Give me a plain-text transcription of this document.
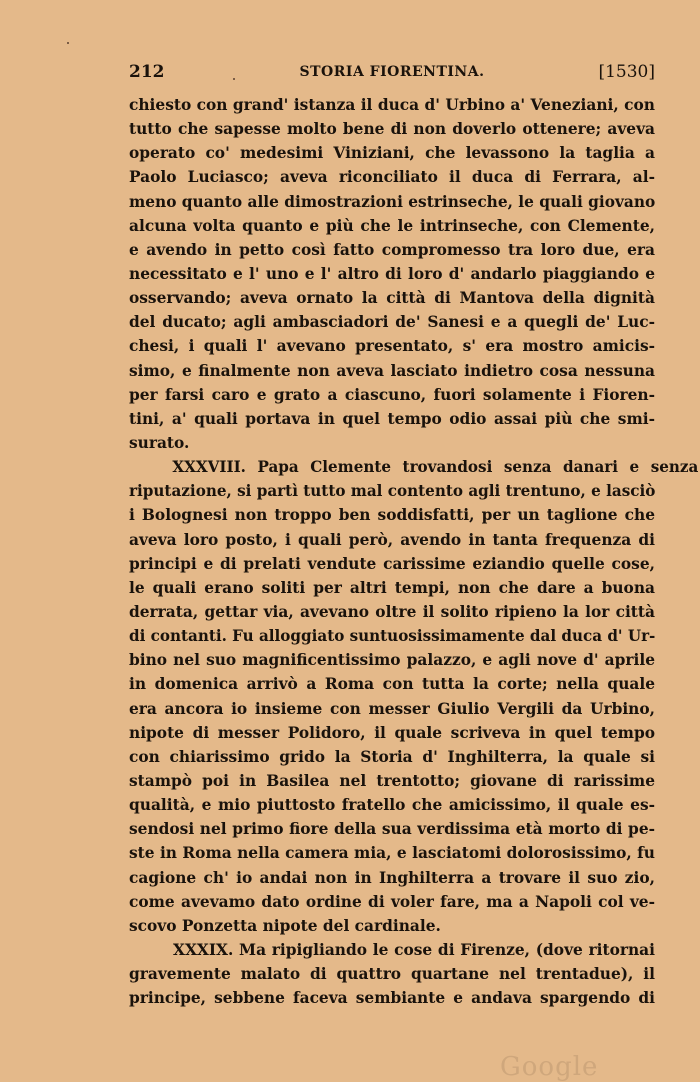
212	STORIA FIORENTINA.	[1530]
chiesto con grand' istanza il duca d' Urbino a' Veneziani, con
tutto che sapesse molto bene di non doverlo ottenere; aveva
operato co' medesimi Viniziani, che levassono la taglia a
Paolo Luciasco; aveva riconciliato il duca di Ferrara, al-
meno quanto alle dimostrazioni estrinseche, le quali giovano
alcuna volta quanto e più che le intrinseche, con Clemente,
e avendo in petto così fatto compromesso tra loro due, era
necessitato e l' uno e l' altro di loro d' andarlo piaggiando e
osservando; aveva ornato la città di Mantova della dignità
del ducato; agli ambasciadori de' Sanesi e a quegli de' Luc-
chesi, i quali l' avevano presentato, s' era mostro amicis-
simo, e finalmente non aveva lasciato indietro cosa nessuna
per farsi caro e grato a ciascuno, fuori solamente i Fioren-
tini, a' quali portava in quel tempo odio assai più che smi-
surato.
XXXVIII. Papa Clemente trovandosi senza danari e senza
riputazione, si partì tutto mal contento agli trentuno, e lasciò
i Bolognesi non troppo ben soddisfatti, per un taglione che
aveva loro posto, i quali però, avendo in tanta frequenza di
principi e di prelati vendute carissime eziandio quelle cose,
le quali erano soliti per altri tempi, non che dare a buona
derrata, gettar via, avevano oltre il solito ripieno la lor città
di contanti. Fu alloggiato suntuosissimamente dal duca d' Ur-
bino nel suo magnificentissimo palazzo, e agli nove d' aprile
in domenica arrivò a Roma con tutta la corte; nella quale
era ancora io insieme con messer Giulio Vergili da Urbino,
nipote di messer Polidoro, il quale scriveva in quel tempo
con chiarissimo grido la Storia d' Inghilterra, la quale si
stampò poi in Basilea nel trentotto; giovane di rarissime
qualità, e mio piuttosto fratello che amicissimo, il quale es-
sendosi nel primo fiore della sua verdissima età morto di pe-
ste in Roma nella camera mia, e lasciatomi dolorosissimo, fu
cagione ch' io andai non in Inghilterra a trovare il suo zio,
come avevamo dato ordine di voler fare, ma a Napoli col ve-
scovo Ponzetta nipote del cardinale.
XXXIX. Ma ripigliando le cose di Firenze, (dove ritornai
gravemente malato di quattro quartane nel trentadue), il
principe, sebbene faceva sembiante e andava spargendo di
Google
